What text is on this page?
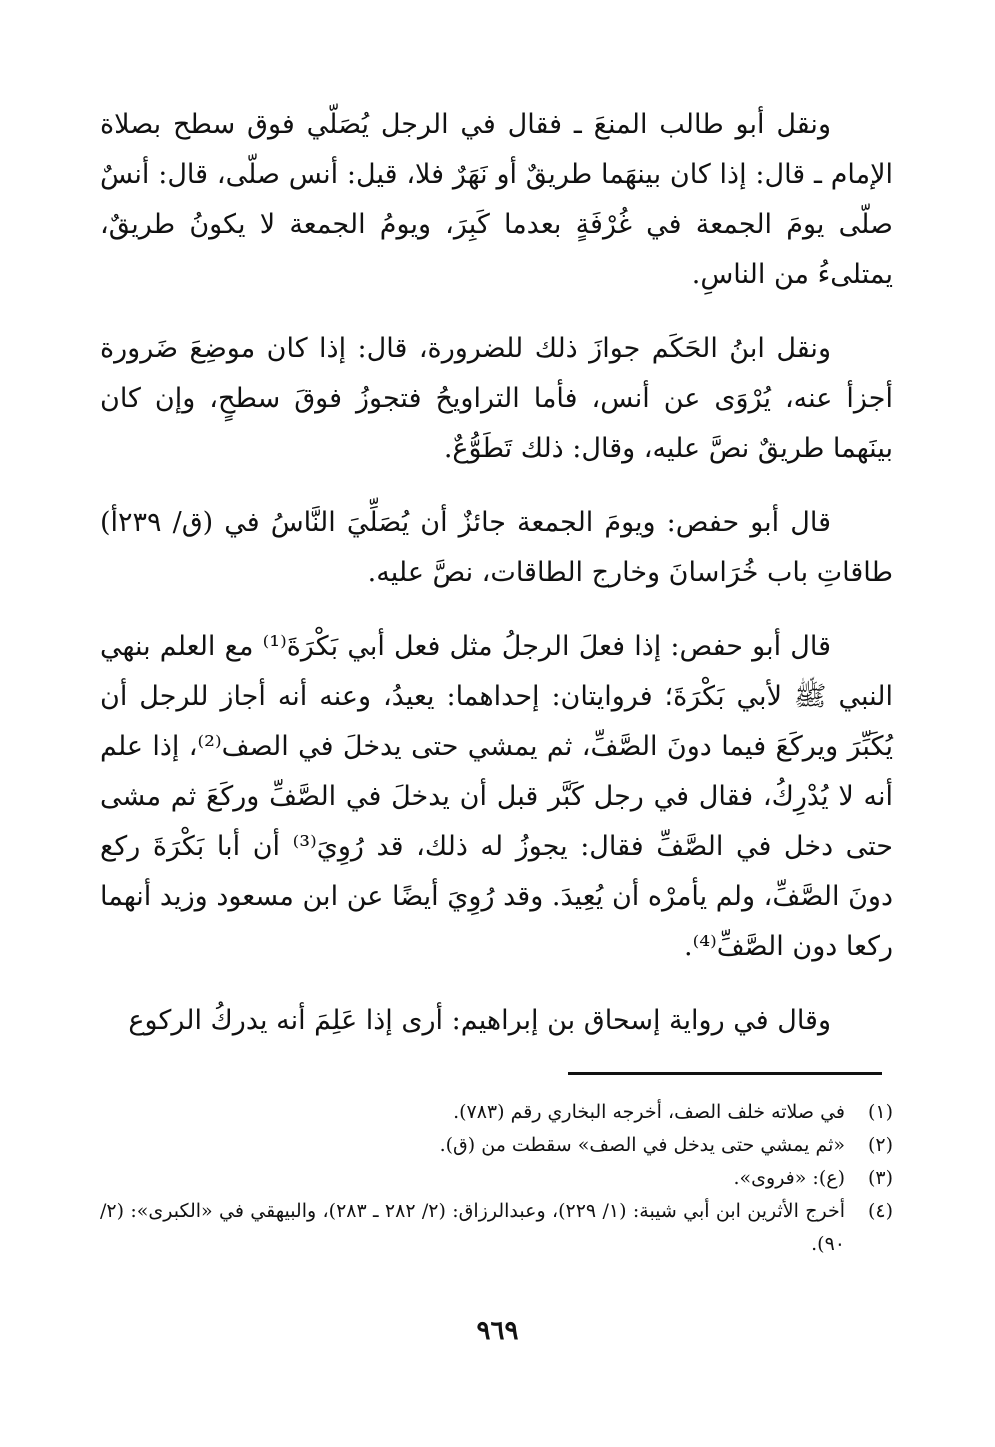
ونقل أبو طالب المنعَ ـ فقال في الرجل يُصَلّي فوق سطح بصلاة الإمام ـ قال: إذا كان بينهَما طريقٌ أو نَهَرٌ فلا، قيل: أنس صلّى، قال: أنسٌ صلّى يومَ الجمعة في غُرْفَةٍ بعدما كَبِرَ، ويومُ الجمعة لا يكونُ طريقٌ، يمتلىءُ من الناسِ.

ونقل ابنُ الحَكَم جوازَ ذلك للضرورة، قال: إذا كان موضِعَ ضَرورة أجزأ عنه، يُرْوَى عن أنس، فأما التراويحُ فتجوزُ فوقَ سطحٍ، وإن كان بينَهما طريقٌ نصَّ عليه، وقال: ذلك تَطَوُّعٌ.

قال أبو حفص: ويومَ الجمعة جائزٌ أن يُصَلِّيَ النَّاسُ في (ق/ ٢٣٩أ) طاقاتِ باب خُرَاسانَ وخارج الطاقات، نصَّ عليه.

قال أبو حفص: إذا فعلَ الرجلُ مثل فعل أبي بَكْرَةَ⁽¹⁾ مع العلم بنهي النبي ﷺ لأبي بَكْرَةَ؛ فروايتان: إحداهما: يعيدُ، وعنه أنه أجاز للرجل أن يُكَبِّرَ ويركَعَ فيما دونَ الصَّفِّ، ثم يمشي حتى يدخلَ في الصف⁽²⁾، إذا علم أنه لا يُدْرِكُ، فقال في رجل كَبَّر قبل أن يدخلَ في الصَّفِّ وركَعَ ثم مشى حتى دخل في الصَّفِّ فقال: يجوزُ له ذلك، قد رُوِيَ⁽³⁾ أن أبا بَكْرَةَ ركع دونَ الصَّفِّ، ولم يأمرْه أن يُعِيدَ. وقد رُوِيَ أيضًا عن ابن مسعود وزيد أنهما ركعا دون الصَّفِّ⁽⁴⁾.

وقال في رواية إسحاق بن إبراهيم: أرى إذا عَلِمَ أنه يدركُ الركوع

(١)
في صلاته خلف الصف، أخرجه البخاري رقم (٧٨٣).
(٢)
«ثم يمشي حتى يدخل في الصف» سقطت من (ق).
(٣)
(ع): «فروى».
(٤)
أخرج الأثرين ابن أبي شيبة: (١/ ٢٢٩)، وعبدالرزاق: (٢/ ٢٨٢ ـ ٢٨٣)، والبيهقي في «الكبرى»: (٢/ ٩٠).
٩٦٩
